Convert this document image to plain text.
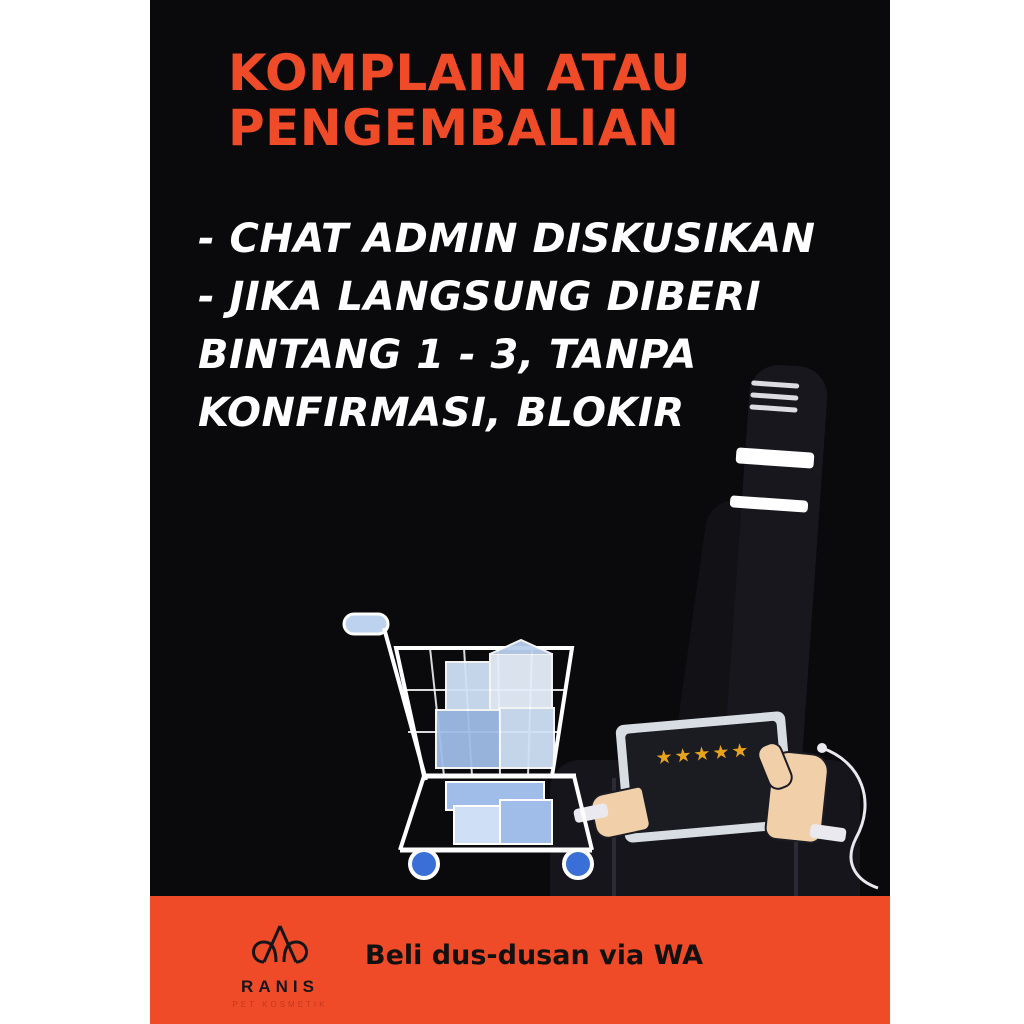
KOMPLAIN ATAU
PENGEMBALIAN
- CHAT ADMIN DISKUSIKAN
- JIKA LANGSUNG DIBERI
BINTANG 1 - 3, TANPA
KONFIRMASI, BLOKIR
★★★★★
RANIS
PET KOSMETIK
Beli dus-dusan via WA
